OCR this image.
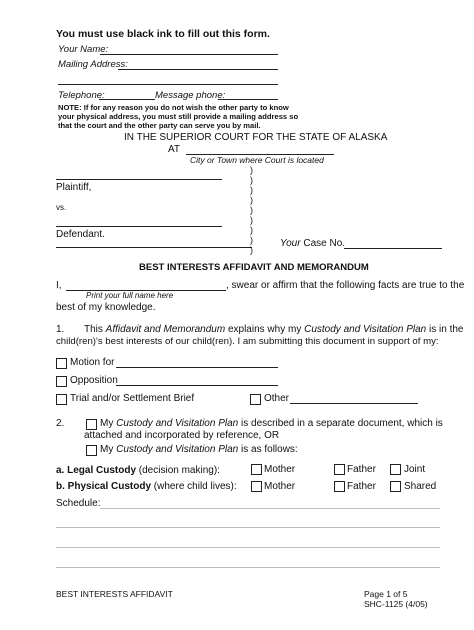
You must use black ink to fill out this form.
Your Name:
Mailing Address:
Telephone:	Message phone:
NOTE: If for any reason you do not wish the other party to know
your physical address, you must still provide a mailing address so
that the court and the other party can serve you by mail.
IN THE SUPERIOR COURT FOR THE STATE OF ALASKA
AT
City or Town where Court is located
Plaintiff,
vs.
Defendant.
)
)
)
)
)
)
)
)
)
Your Case No.
BEST INTERESTS AFFIDAVIT AND MEMORANDUM
I,	, swear or affirm that the following facts are true to the
Print your full name here
best of my knowledge.
1. This Affidavit and Memorandum explains why my Custody and Visitation Plan is in the
child(ren)'s best interests of our child(ren). I am submitting this document in support of my:
Motion for
Opposition
Trial and/or Settlement Brief	Other
2.	My Custody and Visitation Plan is described in a separate document, which is
attached and incorporated by reference, OR
My Custody and Visitation Plan is as follows:
a. Legal Custody (decision making):	Mother	Father	Joint
b. Physical Custody (where child lives):	Mother	Father	Shared
Schedule:
BEST INTERESTS AFFIDAVIT	Page 1 of 5
SHC-1125 (4/05)
